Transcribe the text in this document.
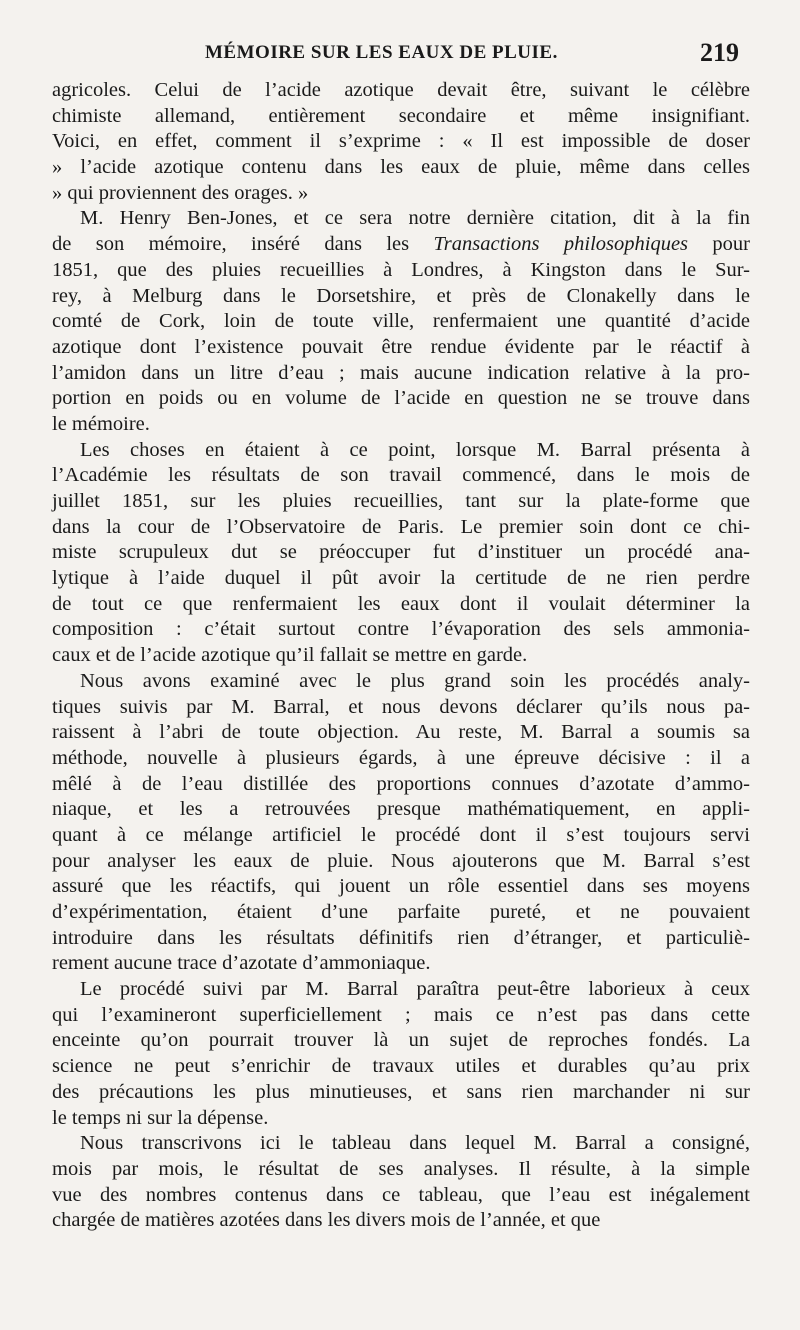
MÉMOIRE SUR LES EAUX DE PLUIE.	219
agricoles. Celui de l’acide azotique devait être, suivant le célèbre
chimiste allemand, entièrement secondaire et même insignifiant.
Voici, en effet, comment il s’exprime : « Il est impossible de doser
» l’acide azotique contenu dans les eaux de pluie, même dans celles
» qui proviennent des orages. »
M. Henry Ben-Jones, et ce sera notre dernière citation, dit à la fin
de son mémoire, inséré dans les Transactions philosophiques pour
1851, que des pluies recueillies à Londres, à Kingston dans le Sur-
rey, à Melburg dans le Dorsetshire, et près de Clonakelly dans le
comté de Cork, loin de toute ville, renfermaient une quantité d’acide
azotique dont l’existence pouvait être rendue évidente par le réactif à
l’amidon dans un litre d’eau ; mais aucune indication relative à la pro-
portion en poids ou en volume de l’acide en question ne se trouve dans
le mémoire.
Les choses en étaient à ce point, lorsque M. Barral présenta à
l’Académie les résultats de son travail commencé, dans le mois de
juillet 1851, sur les pluies recueillies, tant sur la plate-forme que
dans la cour de l’Observatoire de Paris. Le premier soin dont ce chi-
miste scrupuleux dut se préoccuper fut d’instituer un procédé ana-
lytique à l’aide duquel il pût avoir la certitude de ne rien perdre
de tout ce que renfermaient les eaux dont il voulait déterminer la
composition : c’était surtout contre l’évaporation des sels ammonia-
caux et de l’acide azotique qu’il fallait se mettre en garde.
Nous avons examiné avec le plus grand soin les procédés analy-
tiques suivis par M. Barral, et nous devons déclarer qu’ils nous pa-
raissent à l’abri de toute objection. Au reste, M. Barral a soumis sa
méthode, nouvelle à plusieurs égards, à une épreuve décisive : il a
mêlé à de l’eau distillée des proportions connues d’azotate d’ammo-
niaque, et les a retrouvées presque mathématiquement, en appli-
quant à ce mélange artificiel le procédé dont il s’est toujours servi
pour analyser les eaux de pluie. Nous ajouterons que M. Barral s’est
assuré que les réactifs, qui jouent un rôle essentiel dans ses moyens
d’expérimentation, étaient d’une parfaite pureté, et ne pouvaient
introduire dans les résultats définitifs rien d’étranger, et particuliè-
rement aucune trace d’azotate d’ammoniaque.
Le procédé suivi par M. Barral paraîtra peut-être laborieux à ceux
qui l’examineront superficiellement ; mais ce n’est pas dans cette
enceinte qu’on pourrait trouver là un sujet de reproches fondés. La
science ne peut s’enrichir de travaux utiles et durables qu’au prix
des précautions les plus minutieuses, et sans rien marchander ni sur
le temps ni sur la dépense.
Nous transcrivons ici le tableau dans lequel M. Barral a consigné,
mois par mois, le résultat de ses analyses. Il résulte, à la simple
vue des nombres contenus dans ce tableau, que l’eau est inégalement
chargée de matières azotées dans les divers mois de l’année, et que
